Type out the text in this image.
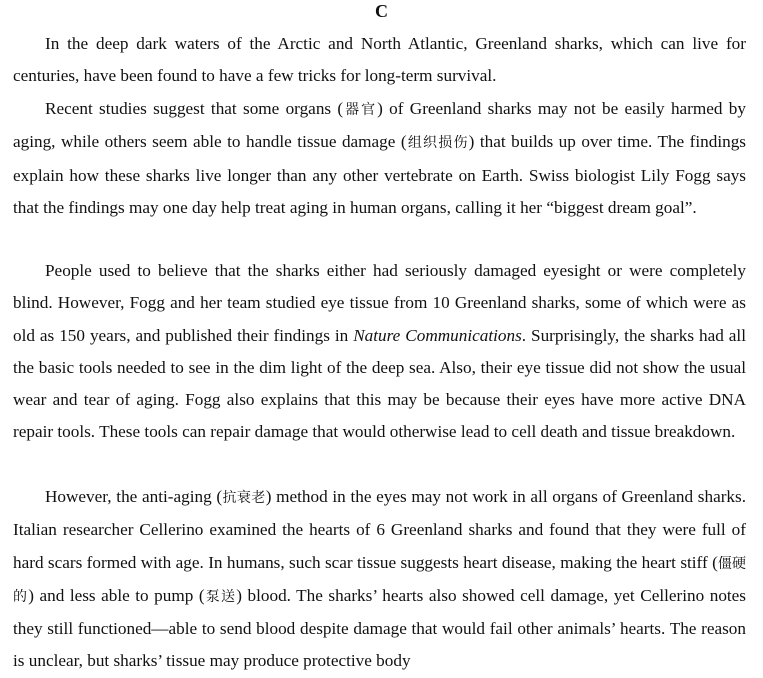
C

In the deep dark waters of the Arctic and North Atlantic, Greenland sharks, which can live for centuries, have been found to have a few tricks for long-term survival.

Recent studies suggest that some organs (器官) of Greenland sharks may not be easily harmed by aging, while others seem able to handle tissue damage (组织损伤) that builds up over time. The findings explain how these sharks live longer than any other vertebrate on Earth. Swiss biologist Lily Fogg says that the findings may one day help treat aging in human organs, calling it her “biggest dream goal”.

People used to believe that the sharks either had seriously damaged eyesight or were completely blind. However, Fogg and her team studied eye tissue from 10 Greenland sharks, some of which were as old as 150 years, and published their findings in Nature Communications. Surprisingly, the sharks had all the basic tools needed to see in the dim light of the deep sea. Also, their eye tissue did not show the usual wear and tear of aging. Fogg also explains that this may be because their eyes have more active DNA repair tools. These tools can repair damage that would otherwise lead to cell death and tissue breakdown.

However, the anti-aging (抗衰老) method in the eyes may not work in all organs of Greenland sharks. Italian researcher Cellerino examined the hearts of 6 Greenland sharks and found that they were full of hard scars formed with age. In humans, such scar tissue suggests heart disease, making the heart stiff (僵硬的) and less able to pump (泵送) blood. The sharks’ hearts also showed cell damage, yet Cellerino notes they still functioned—able to send blood despite damage that would fail other animals’ hearts. The reason is unclear, but sharks’ tissue may produce protective body
